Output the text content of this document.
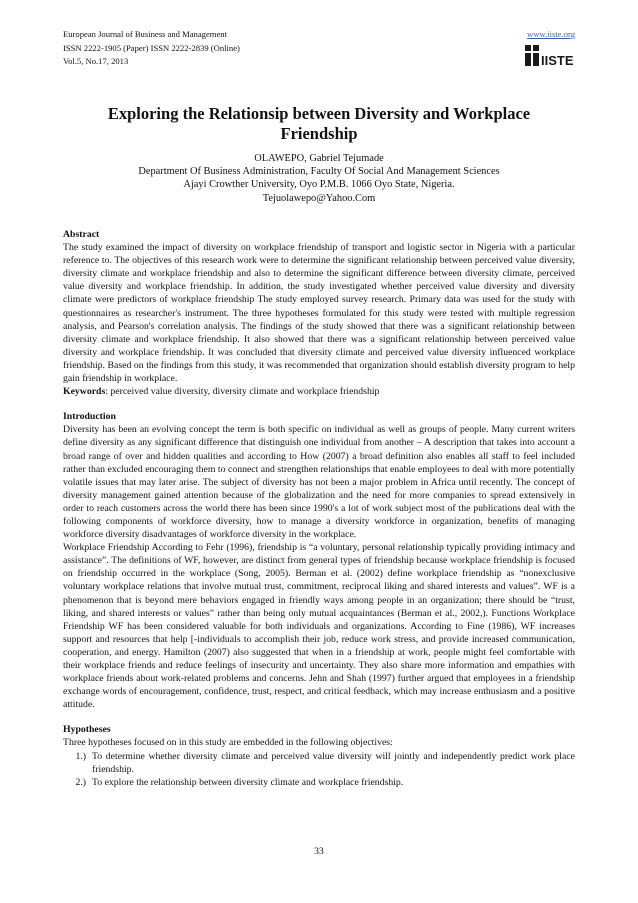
European Journal of Business and Management
ISSN 2222-1905 (Paper) ISSN 2222-2839 (Online)
Vol.5, No.17, 2013
www.iiste.org
IISTE
Exploring the Relationsip between Diversity and Workplace
Friendship
OLAWEPO, Gabriel Tejumade
Department Of Business Administration, Faculty Of Social And Management Sciences
Ajayi Crowther University, Oyo P.M.B. 1066 Oyo State, Nigeria.
Tejuolawepo@Yahoo.Com
Abstract

The study examined the impact of diversity on workplace friendship of transport and logistic sector in Nigeria with a particular reference to. The objectives of this research work were to determine the significant relationship between perceived value diversity, diversity climate and workplace friendship and also to determine the significant difference between diversity climate, perceived value diversity and workplace friendship. In addition, the study investigated whether perceived value diversity and diversity climate were predictors of workplace friendship The study employed survey research. Primary data was used for the study with questionnaires as researcher's instrument. The three hypotheses formulated for this study were tested with multiple regression analysis, and Pearson's correlation analysis. The findings of the study showed that there was a significant relationship between diversity climate and workplace friendship. It also showed that there was a significant relationship between perceived value diversity and workplace friendship. It was concluded that diversity climate and perceived value diversity influenced workplace friendship. Based on the findings from this study, it was recommended that organization should establish diversity program to help gain friendship in workplace.

Keywords: perceived value diversity, diversity climate and workplace friendship

Introduction

Diversity has been an evolving concept the term is both specific on individual as well as groups of people. Many current writers define diversity as any significant difference that distinguish one individual from another – A description that takes into account a broad range of over and hidden qualities and according to How (2007) a broad definition also enables all staff to feel included rather than excluded encouraging them to connect and strengthen relationships that enable employees to deal with more potentially volatile issues that may later arise. The subject of diversity has not been a major problem in Africa until recently. The concept of diversity management gained attention because of the globalization and the need for more companies to spread extensively in order to reach customers across the world there has been since 1990's a lot of work subject most of the publications deal with the following components of workforce diversity, how to manage a diversity workforce in organization, benefits of managing workforce diversity disadvantages of workforce diversity in the workplace.

Workplace Friendship According to Fehr (1996), friendship is “a voluntary, personal relationship typically providing intimacy and assistance”. The definitions of WF, however, are distinct from general types of friendship because workplace friendship is focused on friendship occurred in the workplace (Song, 2005). Berman et al. (2002) define workplace friendship as “nonexclusive voluntary workplace relations that involve mutual trust, commitment, reciprocal liking and shared interests and values”. WF is a phenomenon that is beyond mere behaviors engaged in friendly ways among people in an organization; there should be “trust, liking, and shared interests or values” rather than being only mutual acquaintances (Berman et al., 2002,). Functions Workplace Friendship WF has been considered valuable for both individuals and organizations. According to Fine (1986), WF increases support and resources that help [-individuals to accomplish their job, reduce work stress, and provide increased communication, cooperation, and energy. Hamilton (2007) also suggested that when in a friendship at work, people might feel comfortable with their workplace friends and reduce feelings of insecurity and uncertainty. They also share more information and empathies with workplace friends about work-related problems and concerns. Jehn and Shah (1997) further argued that employees in a friendship exchange words of encouragement, confidence, trust, respect, and critical feedback, which may increase enthusiasm and a positive attitude.

Hypotheses

Three hypotheses focused on in this study are embedded in the following objectives:

1.) To determine whether diversity climate and perceived value diversity will jointly and independently predict work place friendship.
2.) To explore the relationship between diversity climate and workplace friendship.
33
